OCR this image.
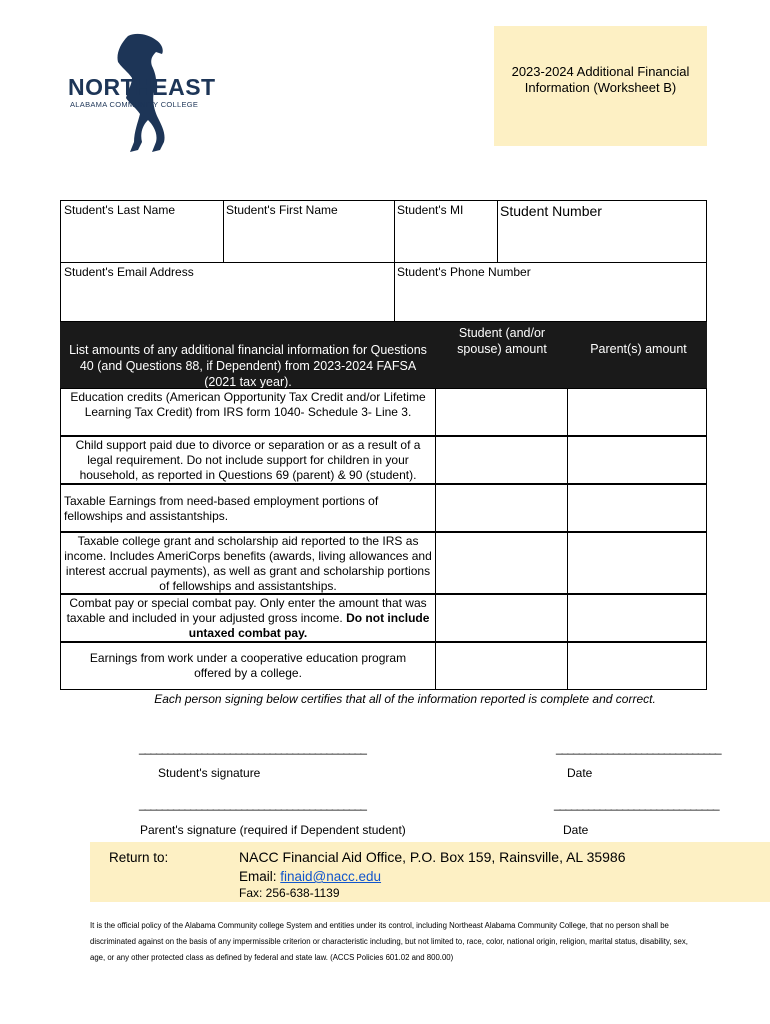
NORTHEAST
ALABAMA COMMUNITY COLLEGE
2023-2024 Additional Financial Information (Worksheet B)
Student's Last Name	Student's First Name	Student's MI	Student Number
Student's Email Address	Student's Phone Number
List amounts of any additional financial information for Questions 40 (and Questions 88, if Dependent) from 2023-2024 FAFSA (2021 tax year).
Student (and/or spouse) amount	Parent(s) amount
Education credits (American Opportunity Tax Credit and/or Lifetime Learning Tax Credit) from IRS form 1040- Schedule 3- Line 3.
Child support paid due to divorce or separation or as a result of a legal requirement. Do not include support for children in your household, as reported in Questions 69 (parent) & 90 (student).
Taxable Earnings from need-based employment portions of fellowships and assistantships.
Taxable college grant and scholarship aid reported to the IRS as income. Includes AmeriCorps benefits (awards, living allowances and interest accrual payments), as well as grant and scholarship portions of fellowships and assistantships.
Combat pay or special combat pay. Only enter the amount that was taxable and included in your adjusted gross income. Do not include untaxed combat pay.
Earnings from work under a cooperative education program offered by a college.
Each person signing below certifies that all of the information reported is complete and correct.
________________________________________	_____________________________
Student's signature	Date
________________________________________	_____________________________
Parent's signature (required if Dependent student)	Date
Return to:	NACC Financial Aid Office, P.O. Box 159, Rainsville, AL 35986
Email: finaid@nacc.edu
Fax: 256-638-1139
It is the official policy of the Alabama Community college System and entities under its control, including Northeast Alabama Community College, that no person shall be discriminated against on the basis of any impermissible criterion or characteristic including, but not limited to, race, color, national origin, religion, marital status, disability, sex, age, or any other protected class as defined by federal and state law. (ACCS Policies 601.02 and 800.00)
